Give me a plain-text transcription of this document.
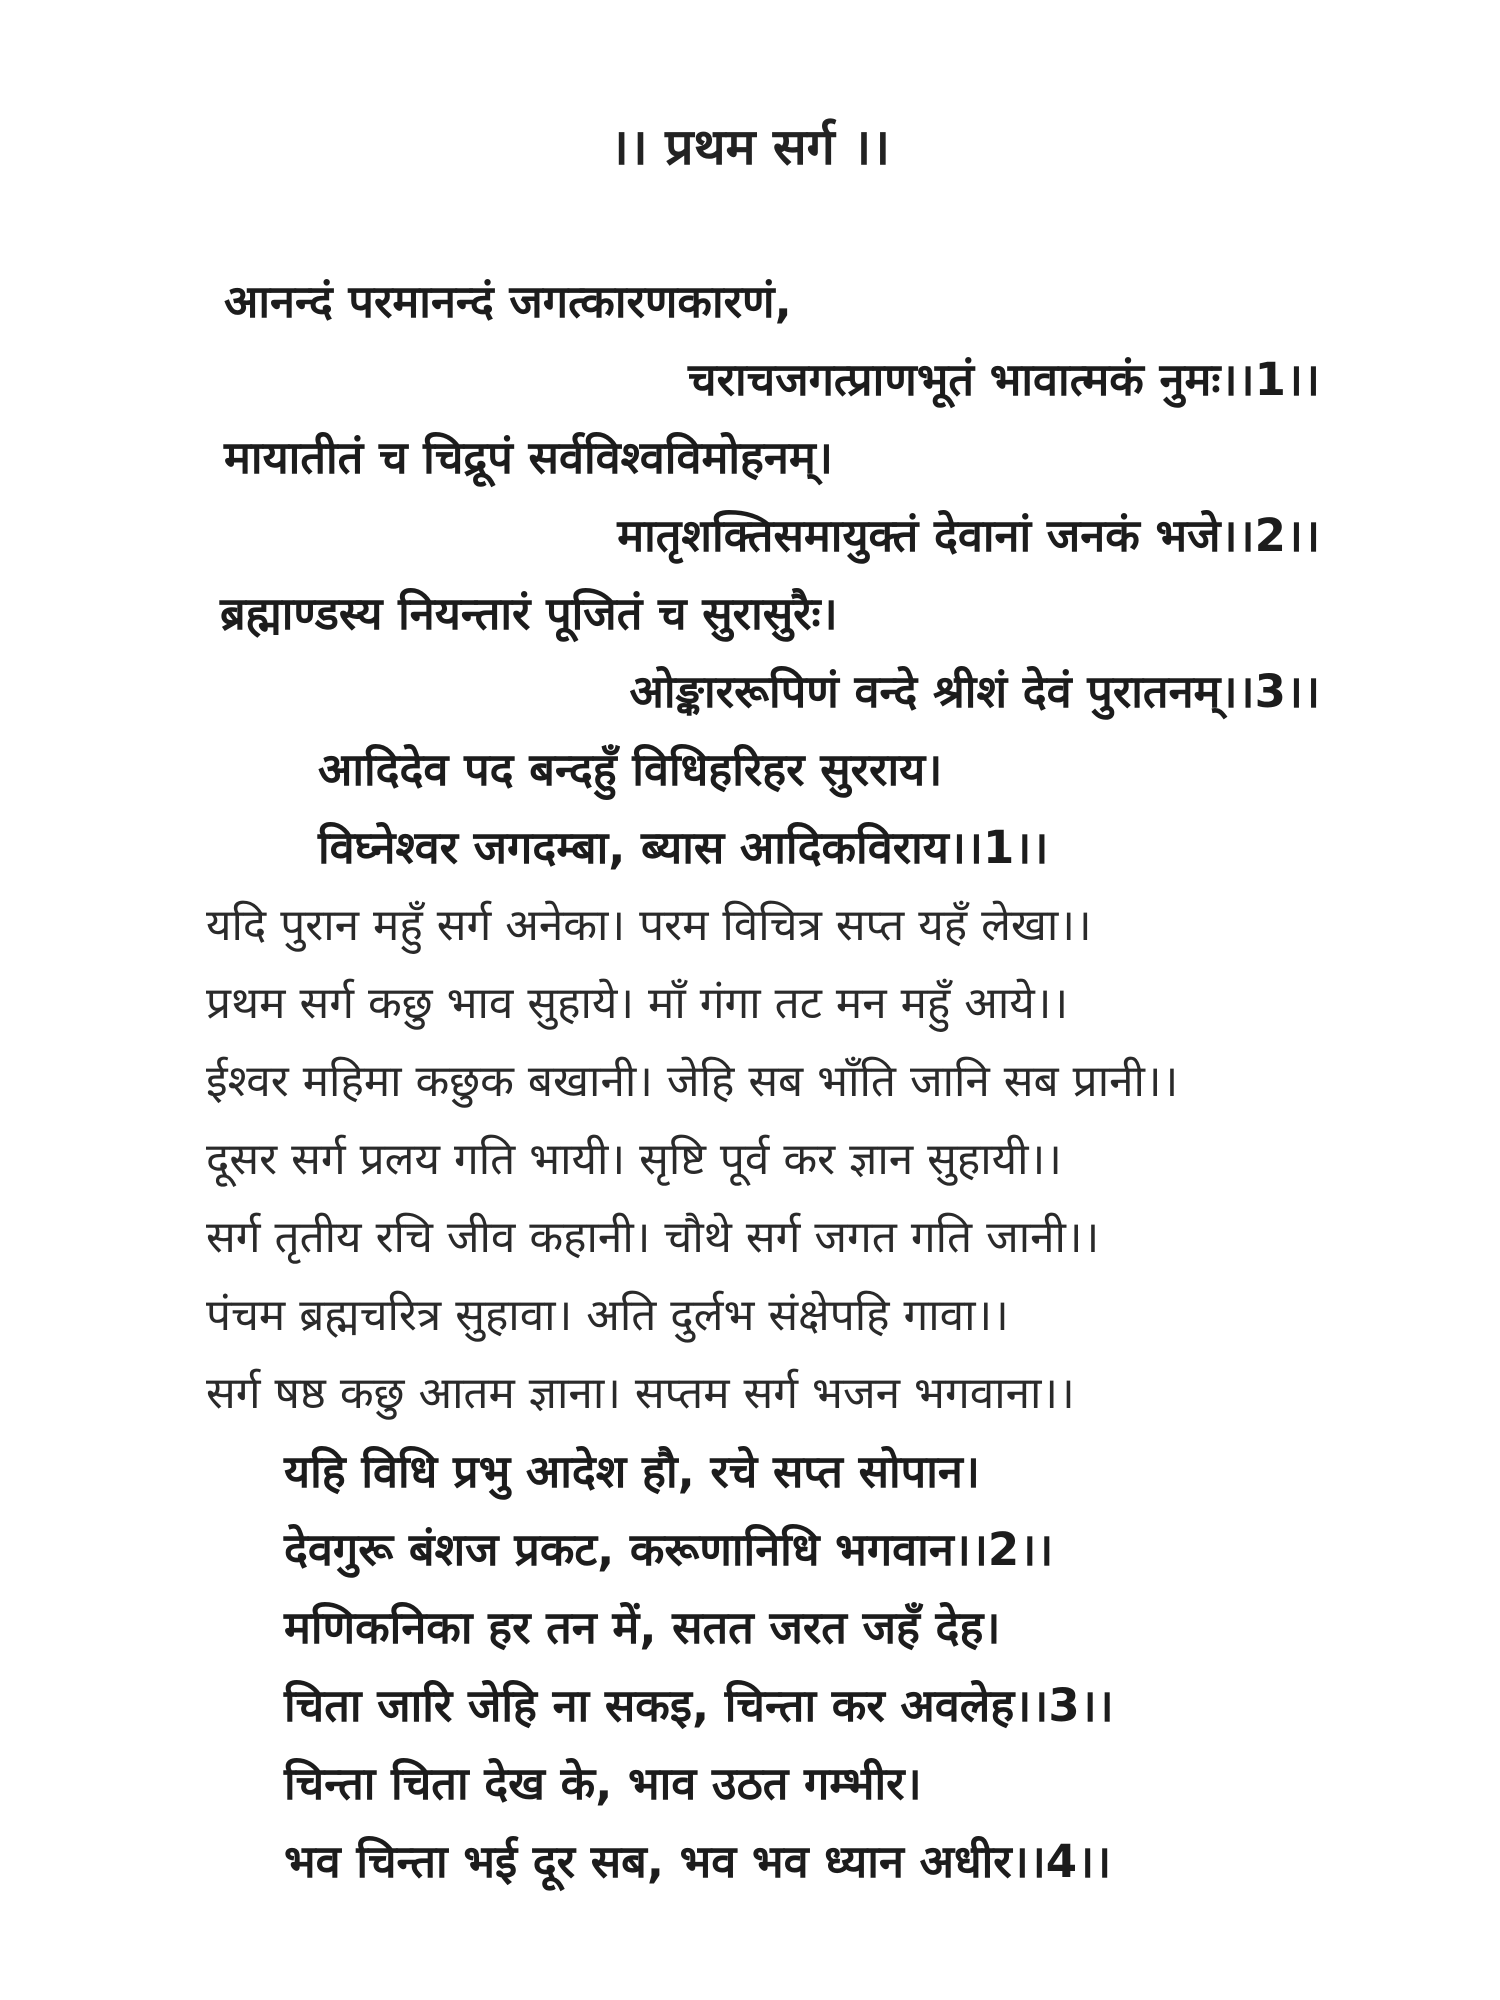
।। प्रथम सर्ग ।।
आनन्दं परमानन्दं जगत्कारणकारणं,
चराचजगत्प्राणभूतं भावात्मकं नुमः।।1।।
मायातीतं च चिद्रूपं सर्वविश्वविमोहनम्।
मातृशक्तिसमायुक्तं देवानां जनकं भजे।।2।।
ब्रह्माण्डस्य नियन्तारं पूजितं च सुरासुरैः।
ओङ्काररूपिणं वन्दे श्रीशं देवं पुरातनम्।।3।।
आदिदेव पद बन्दहुँ विधिहरिहर सुरराय।
विघ्नेश्वर जगदम्बा, ब्यास आदिकविराय।।1।।
यदि पुरान महुँ सर्ग अनेका। परम विचित्र सप्त यहँ लेखा।।
प्रथम सर्ग कछु भाव सुहाये। माँ गंगा तट मन महुँ आये।।
ईश्वर महिमा कछुक बखानी। जेहि सब भाँति जानि सब प्रानी।।
दूसर सर्ग प्रलय गति भायी। सृष्टि पूर्व कर ज्ञान सुहायी।।
सर्ग तृतीय रचि जीव कहानी। चौथे सर्ग जगत गति जानी।।
पंचम ब्रह्मचरित्र सुहावा। अति दुर्लभ संक्षेपहि गावा।।
सर्ग षष्ठ कछु आतम ज्ञाना। सप्तम सर्ग भजन भगवाना।।
यहि विधि प्रभु आदेश हौ, रचे सप्त सोपान।
देवगुरू बंशज प्रकट, करूणानिधि भगवान।।2।।
मणिकनिका हर तन में, सतत जरत जहँ देह।
चिता जारि जेहि ना सकइ, चिन्ता कर अवलेह।।3।।
चिन्ता चिता देख के, भाव उठत गम्भीर।
भव चिन्ता भई दूर सब, भव भव ध्यान अधीर।।4।।
